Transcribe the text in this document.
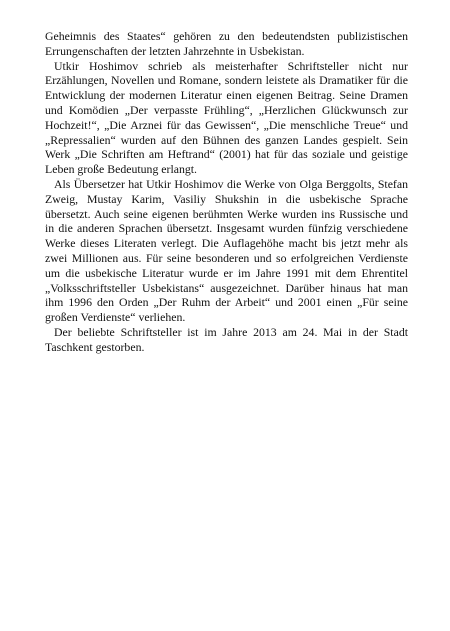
Geheimnis des Staates“ gehören zu den bedeutendsten publizistischen Errungenschaften der letzten Jahrzehnte in Usbekistan.

Utkir Hoshimov schrieb als meisterhafter Schriftsteller nicht nur Erzählungen, Novellen und Romane, sondern leistete als Dramatiker für die Entwicklung der modernen Literatur einen eigenen Beitrag. Seine Dramen und Komödien „Der verpasste Frühling“, „Herzlichen Glückwunsch zur Hochzeit!“, „Die Arznei für das Gewissen“, „Die menschliche Treue“ und „Repressalien“ wurden auf den Bühnen des ganzen Landes gespielt. Sein Werk „Die Schriften am Heftrand“ (2001) hat für das soziale und geistige Leben große Bedeutung erlangt.

Als Übersetzer hat Utkir Hoshimov die Werke von Olga Berggolts, Stefan Zweig, Mustay Karim, Vasiliy Shukshin in die usbekische Sprache übersetzt. Auch seine eigenen berühmten Werke wurden ins Russische und in die anderen Sprachen übersetzt. Insgesamt wurden fünfzig verschiedene Werke dieses Literaten verlegt. Die Auflagehöhe macht bis jetzt mehr als zwei Millionen aus. Für seine besonderen und so erfolgreichen Verdienste um die usbekische Literatur wurde er im Jahre 1991 mit dem Ehrentitel „Volksschriftsteller Usbekistans“ ausgezeichnet. Darüber hinaus hat man ihm 1996 den Orden „Der Ruhm der Arbeit“ und 2001 einen „Für seine großen Verdienste“ verliehen.

Der beliebte Schriftsteller ist im Jahre 2013 am 24. Mai in der Stadt Taschkent gestorben.
